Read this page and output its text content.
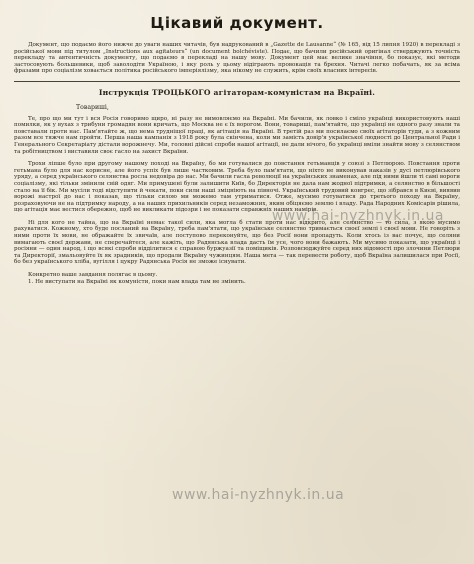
Цікавий документ.

Документ, що подаємо його нижче до уваги наших читачів, був надрукований в „Gazette de Lausanne“ (№ 165, від 15 липня 1920) в перекладі з російської мови під титулом „Instructions aux agitateurs“ (un document bolchéviste). Подає, що бачили російський оригінал стверджують точність перекладу та автентичність документу, що подаємо в перекладі на нашу мову. Документ цей має велике значіння, бо показує, які методи застосовують большевики, щоб заволодіти Україною, і яку роль у цьому відіграють провокація та брехня. Читачі легко побачать, як за всіма фразами про соціалізм ховається політика російського імперіялізму, яка нікому не служить, крім своїх власних інтересів.

Інструкція ТРОЦЬКОГО агітаторам-комуністам на Вкраїні.

Товариші,

Те, про що ми тут і вся Росія говоримо щиро, ні разу не вимовляємо на Вкраїні. Ми бачили, як ловко і сміло українці використовують наші помилки, як у вухах з трибуни громадян вони кричать, що Москва не є їх ворогом. Вони, товариші, пам'ятайте, що українці не одного разу знали та повставали проти нас. Пам'ятайте ж, що нема трудніщої праці, як агітація на Вкраїні. В третій раз ми посилаємо своїх агітаторів туди, а з кожним разом все тяжче нам пройти. Перша наша кампанія з 1918 року була скінчена, коли ми замість довір'я української людності до Центральної Ради і Генерального Секретаріату дістали ворожнечу. Ми, головні дійсні спроби нашої агітації, не дали нічого, бо українці вміли знайти мову з селянством та робітництвом і виставили своє гасло на захист Вкраїни.

Трохи ліпше було при другому нашому поході на Вкраїну, бо ми готувалися до повстання гетьманців у союзі з Петлюрою. Повстання проти гетьмана було для нас корисне, але його успіх був лише частковим. Треба було пам'ятати, що ніхто не виконував наказів у дусі петлюрівського уряду, а серед українського селянства росла недовіра до нас. Ми бачили гасла революції на українських знаменах, але під ними йшли ті самі вороги соціалізму, які тільки змінили свій одяг. Ми примушені були залишити Київ, бо Директорія не дала нам жодної підтримки, а селянство в більшості стало на її бік. Ми мусіли тоді відступити й чекати, поки сили наші зміцніють на півночі. Український трудовий конгрес, що зібрався в Києві, виявив ворожі настрої до нас і показав, що тільки силою ми можемо там утриматися. Отже, мусимо готуватися до третього походу на Вкраїну, розраховуючи не на підтримку народу, а на наших прихильників серед незаможних, яким обіцяємо землю і владу. Рада Народних Комісарів рішила, що агітація має вестися обережно, щоб не викликати підозри і не показати справжніх наших намірів.

Ні для кого не тайна, що на Вкраїні немає такої сили, яка могла б стати проти нас відкрито, але селянство — то сила, з якою мусимо рахуватися. Кожному, хто буде посланий на Вкраїну, треба пам'ятати, що українське селянство тримається своєї землі і своєї мови. Не говоріть з ними проти їх мови, не ображайте їх звичаїв, але поступово переконуйте, що без Росії вони пропадуть. Коли хтось із вас почує, що селяни вимагають своєї держави, не сперечайтеся, але кажіть, що Радянська влада дасть їм усе, чого вони бажають. Ми мусимо показати, що українці і росіяни — один народ, і що всякі спроби відділитися є справою буржуазії та поміщиків. Розповсюджуйте серед них відомості про злочини Петлюри та Директорії, змальовуйте їх як зрадників, що продали Вкраїну чужинцям. Наша мета — так перевести роботу, щоб Вкраїна залишилася при Росії, бо без українського хліба, вугілля і цукру Радянська Росія не зможе існувати.

Конкретно ваше завдання полягає в цьому.

1. Не виступати на Вкраїні як комуністи, поки нам влада там не змінить.

www.hai-nyzhnyk.in.ua
www.hai-nyzhnyk.in.ua
